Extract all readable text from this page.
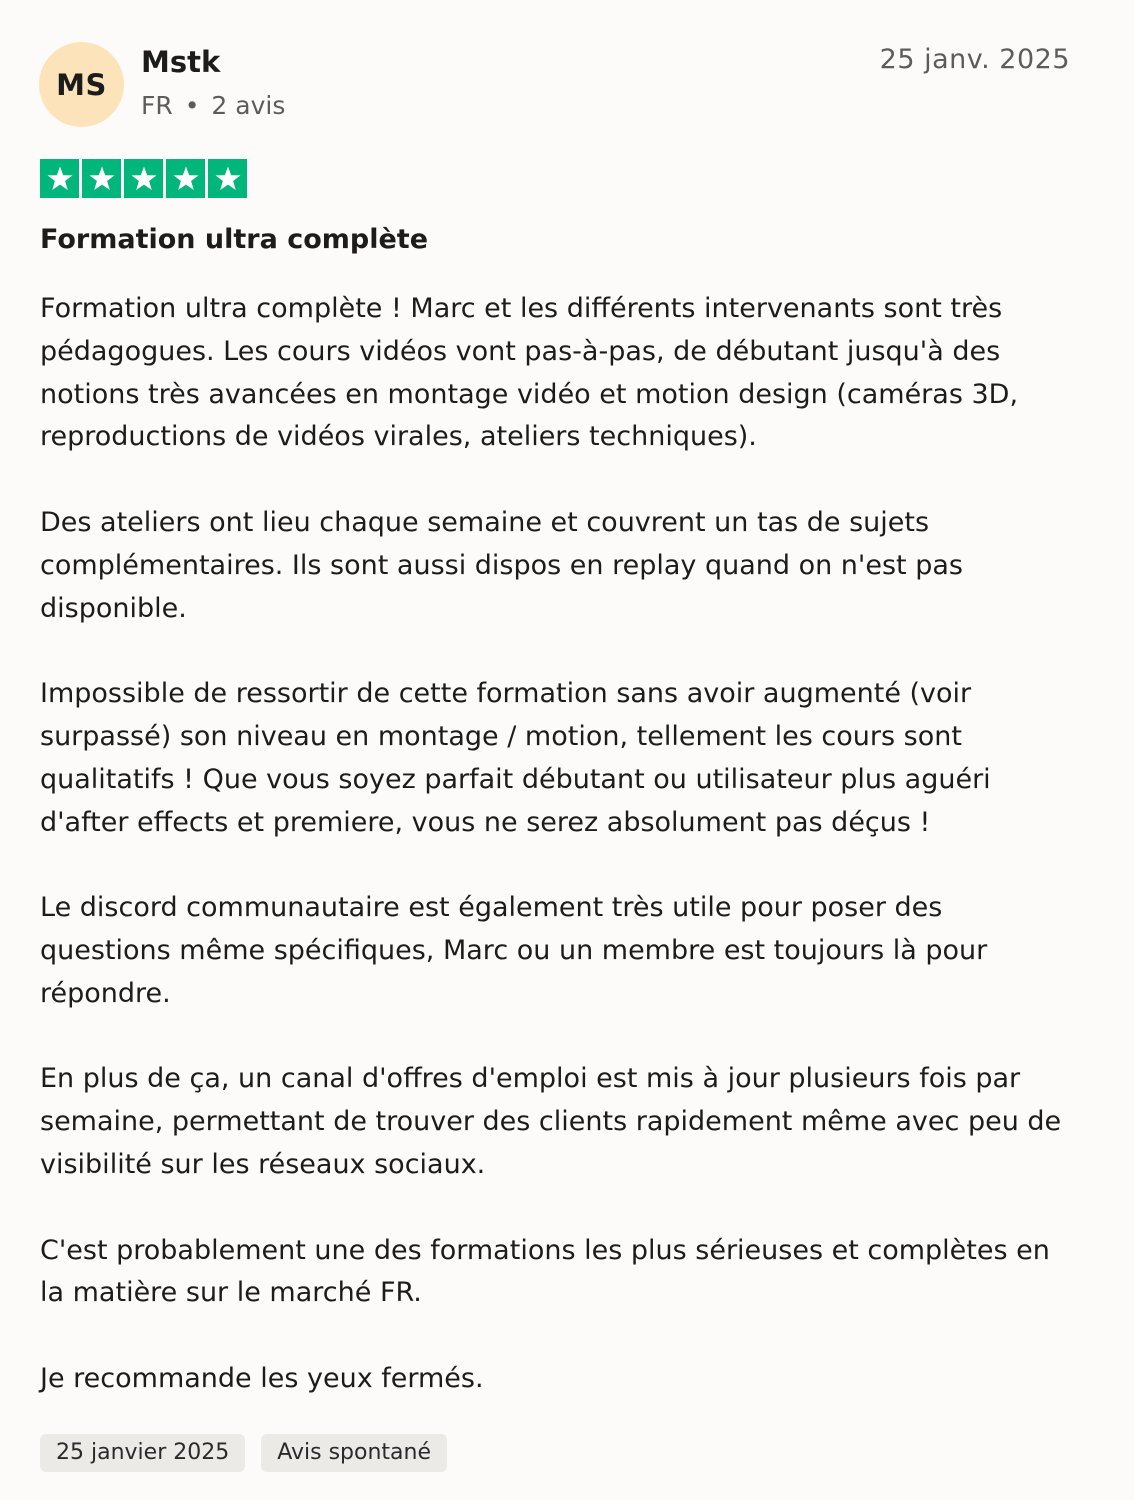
MS
Mstk
FR • 2 avis
25 janv. 2025
Formation ultra complète

Formation ultra complète ! Marc et les différents intervenants sont très pédagogues. Les cours vidéos vont pas-à-pas, de débutant jusqu'à des notions très avancées en montage vidéo et motion design (caméras 3D, reproductions de vidéos virales, ateliers techniques).

Des ateliers ont lieu chaque semaine et couvrent un tas de sujets complémentaires. Ils sont aussi dispos en replay quand on n'est pas disponible.

Impossible de ressortir de cette formation sans avoir augmenté (voir surpassé) son niveau en montage / motion, tellement les cours sont qualitatifs ! Que vous soyez parfait débutant ou utilisateur plus aguéri d'after effects et premiere, vous ne serez absolument pas déçus !

Le discord communautaire est également très utile pour poser des questions même spécifiques, Marc ou un membre est toujours là pour répondre.

En plus de ça, un canal d'offres d'emploi est mis à jour plusieurs fois par semaine, permettant de trouver des clients rapidement même avec peu de visibilité sur les réseaux sociaux.

C'est probablement une des formations les plus sérieuses et complètes en la matière sur le marché FR.

Je recommande les yeux fermés.

25 janvier 2025	Avis spontané
